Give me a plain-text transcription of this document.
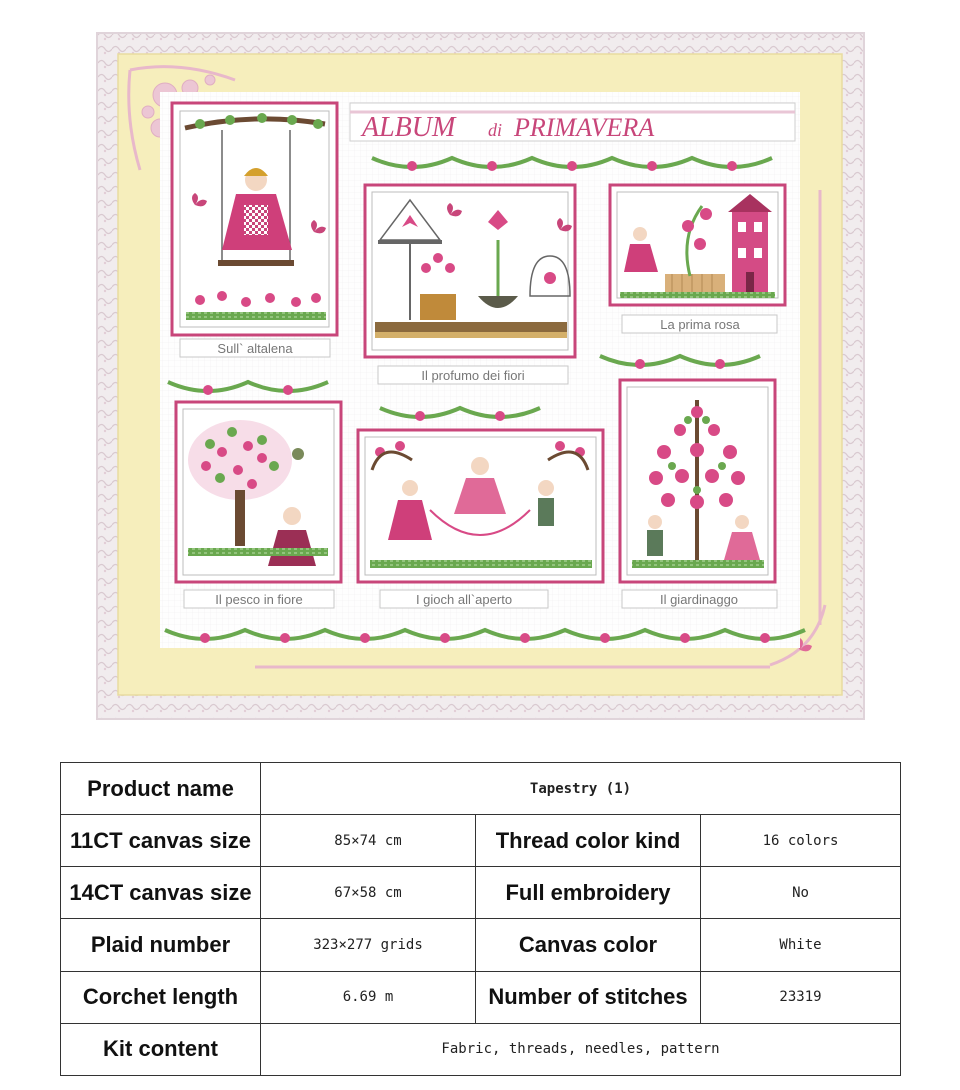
Sull` altalena
Il profumo dei fiori
La prima rosa
Il pesco in fiore	I gioch all`aperto	Il giardinaggo
ALBUM di PRIMAVERA
Product name	Tapestry (1)		
11CT canvas size	85×74 cm	Thread color kind	16 colors
14CT canvas size	67×58 cm	Full embroidery	No
Plaid number	323×277 grids	Canvas color	White
Corchet length	6.69 m	Number of stitches	23319
Kit content	Fabric, threads, needles, pattern		
